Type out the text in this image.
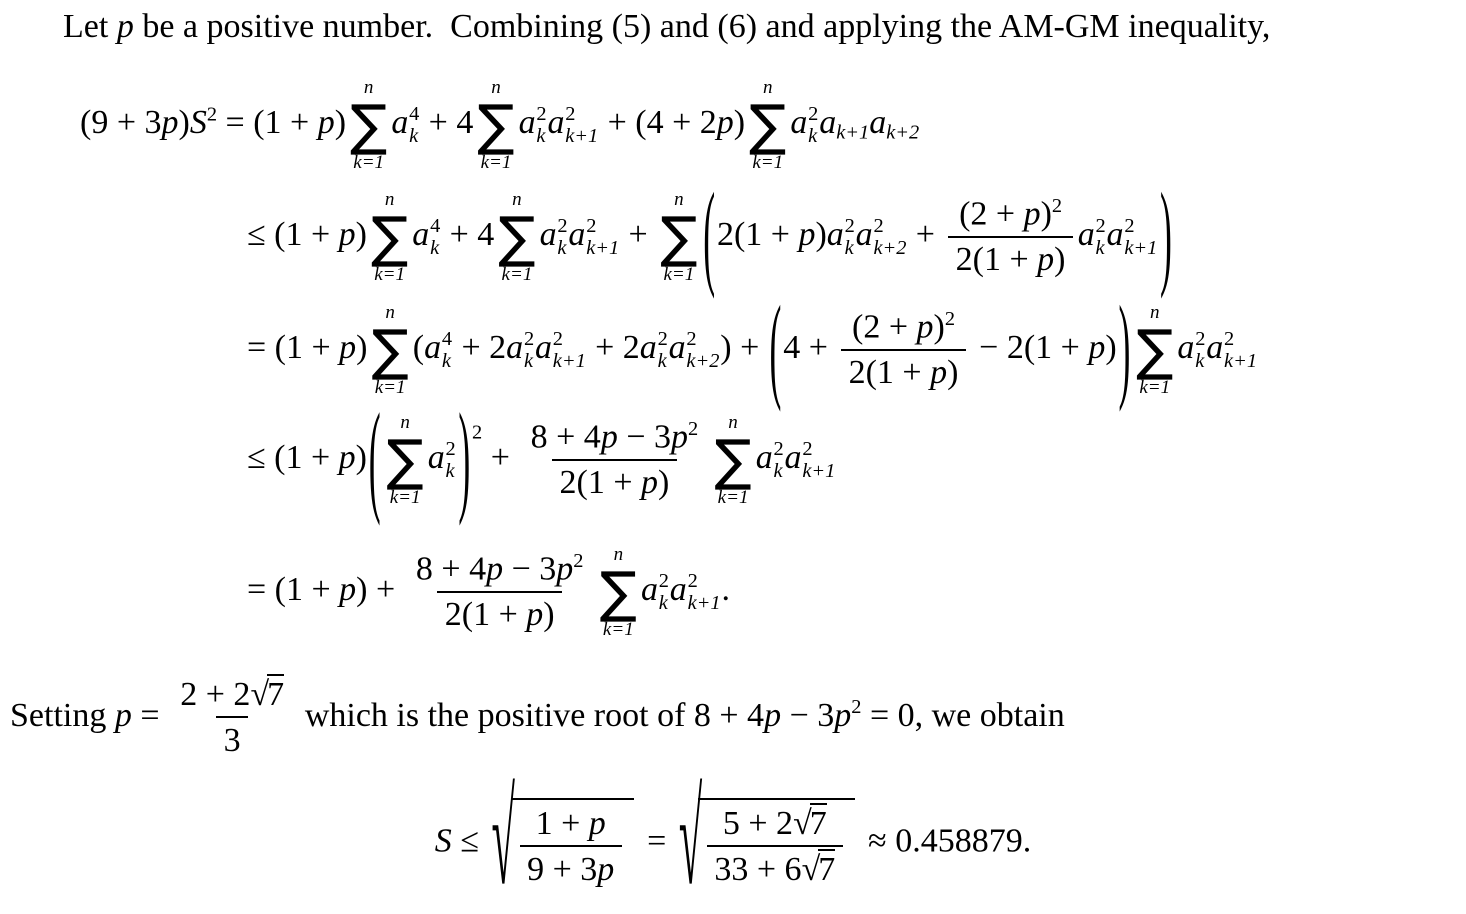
Let p be a positive number.  Combining (5) and (6) and applying the AM-GM inequality,
$(9 + 3p)S^2 = (1 + p)$
n
∑
k=1
a 4
k + 4
n
∑
k=1
a 2
k a 2
k+1 + (4 + 2p)
n
∑
k=1
a 2
k $a_{k+1}a_{k+2}$
≤ (1 + p)
n
∑
k=1
a 4
k + 4
n
∑
k=1
a 2
k a 2
k+1 +
n
∑
k=1 (2(1 + p)a 2
k a 2
$k+2 + \frac{(2 + p)^2}{2(1 + p)}$ a 2
k a 2
k+1 )
= (1 + p)
n
∑
k=1
(a 4
k + 2a 2
k a 2
k+1 + 2a 2
k a 2
k+2 ) + $(4 + \frac{(2 + p)^2}{2(1 + p)} - 2(1 + p))$ n
∑
k=1
a 2
k a 2
k+1
≤ (1 + p)( n
∑
k=1
a 2
k )$^2 + \frac{8 + 4p - 3p^2}{2(1 + p)}$ n
∑
k=1
a 2
k a 2
k+1
= $(1 + p) + \frac{8 + 4p - 3p^2}{2(1 + p)}$ n
∑
k=1
a 2
k a 2
k+1 .
Setting $p = \frac{2 + 2√7}{3}$ which is the positive root of $8 + 4p - 3p^2 = 0$, we obtain
S ≤ √ $\frac{1 + p}{9 + 3p}$ = √ $\frac{5 + 2√7}{33 + 6√7} \approx 0.458879$.
